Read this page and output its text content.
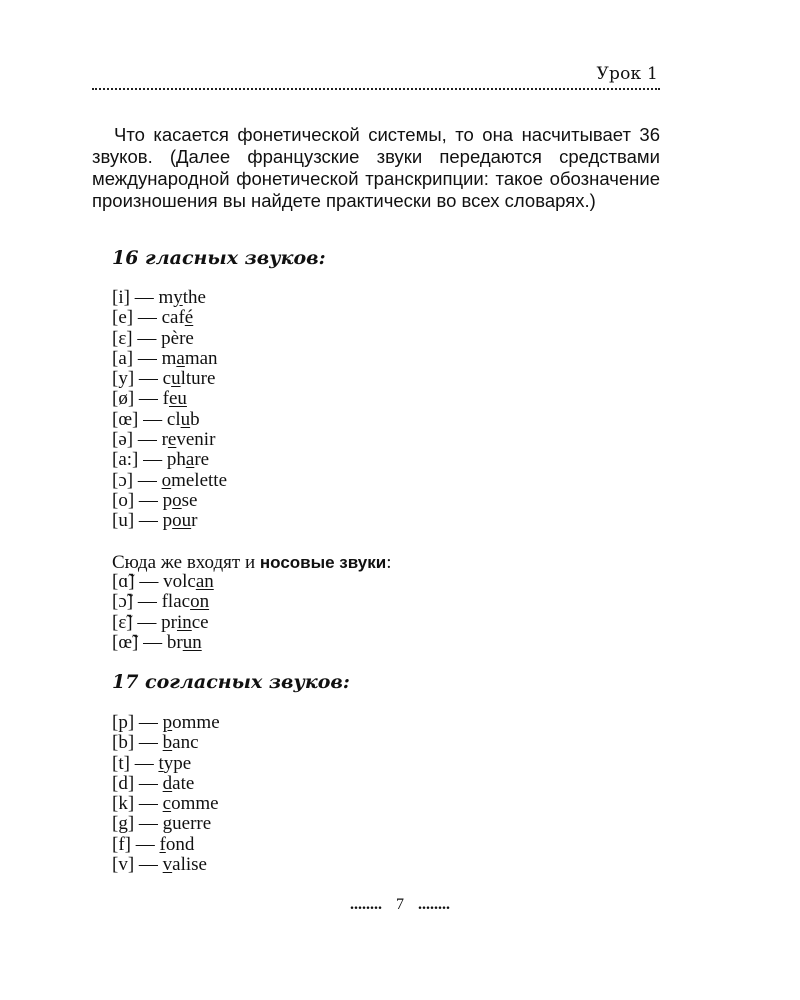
Урок 1

Что касается фонетической системы, то она насчитывает 36 звуков. (Далее французские звуки передаются средствами международной фонетической транскрипции: такое обозначение произношения вы найдете практически во всех словарях.)

16 гласных звуков:
[i] — mythe
[e] — café
[ɛ] — père
[a] — maman
[y] — culture
[ø] — feu
[œ] — club
[ə] — revenir
[a:] — phare
[ɔ] — omelette
[o] — pose
[u] — pour
Сюда же входят и носовые звуки:
[ɑ̃] — volcan
[ɔ̃] — flacon
[ɛ̃] — prince
[œ̃] — brun
17 согласных звуков:
[p] — pomme
[b] — banc
[t] — type
[d] — date
[k] — comme
[g] — guerre
[f] — fond
[v] — valise
........ 7 ........
